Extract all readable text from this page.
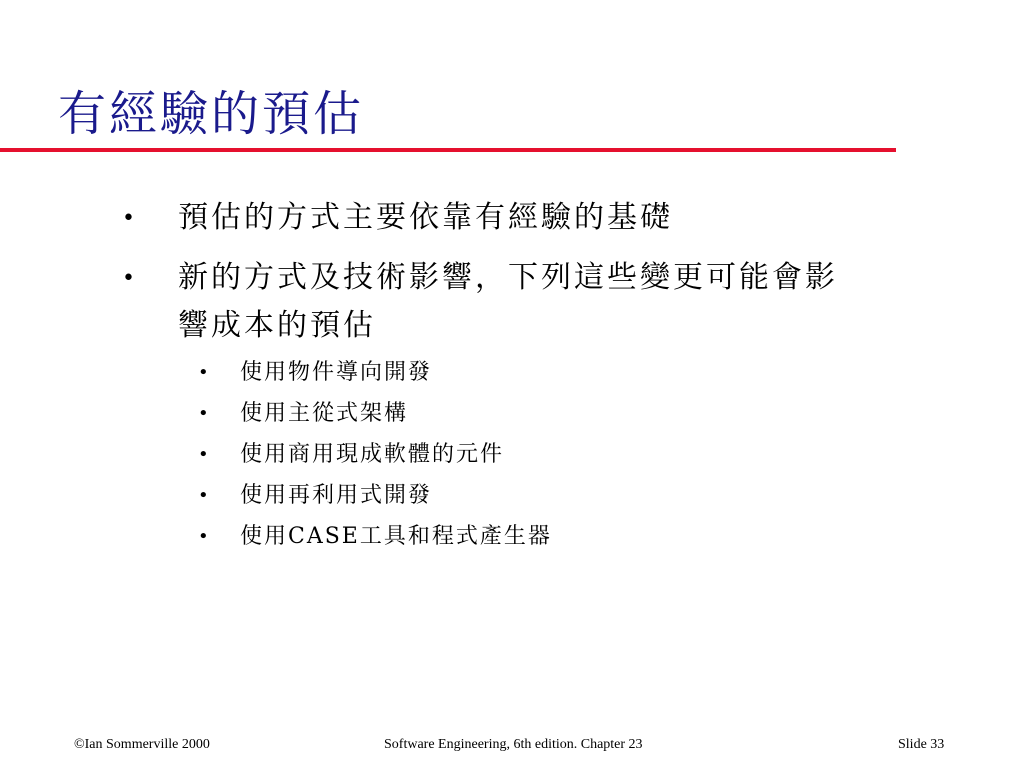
有經驗的預估
• 預估的方式主要依靠有經驗的基礎
• 新的方式及技術影響，下列這些變更可能會影
響成本的預估
• 使用物件導向開發
• 使用主從式架構
• 使用商用現成軟體的元件
• 使用再利用式開發
• 使用CASE工具和程式產生器
©Ian Sommerville 2000	Software Engineering, 6th edition. Chapter 23	Slide 33
